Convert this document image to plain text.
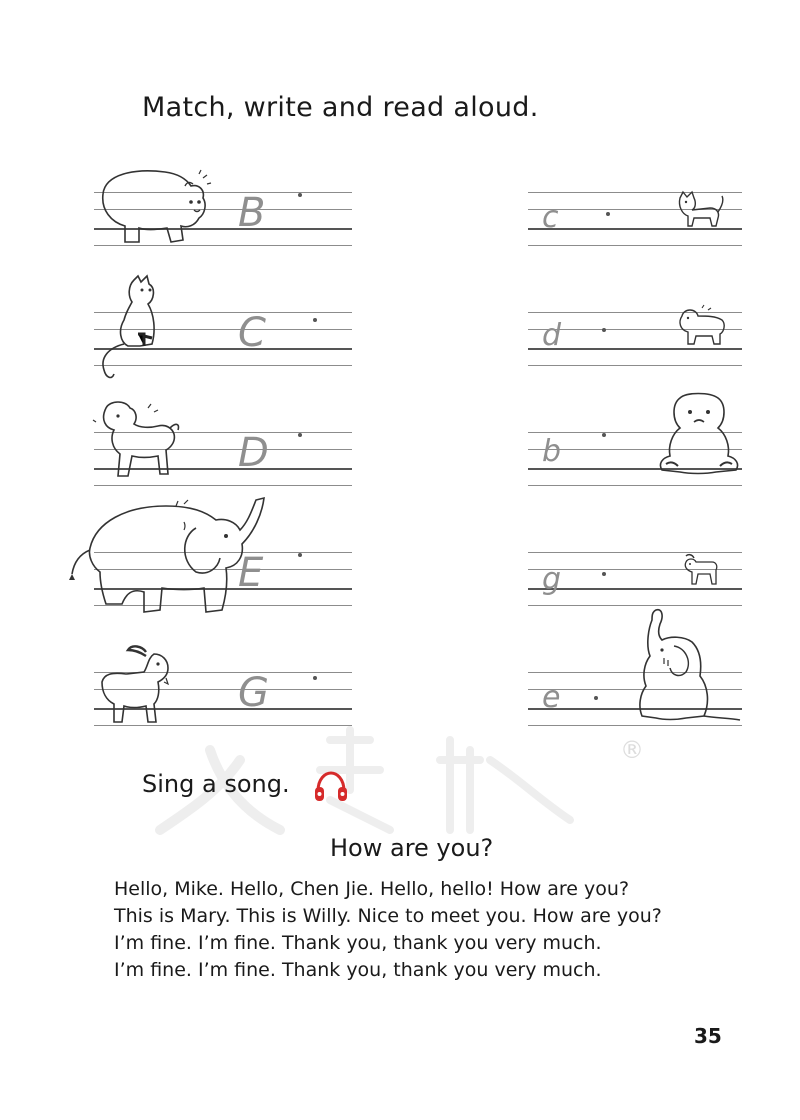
Match, write and read aloud.
B
C
D
E
G
c
d
b
g
e
®
Sing a song.
How are you?
Hello, Mike. Hello, Chen Jie. Hello, hello! How are you?
This is Mary. This is Willy. Nice to meet you. How are you?
I’m fine. I’m fine. Thank you, thank you very much.
I’m fine. I’m fine. Thank you, thank you very much.
35
